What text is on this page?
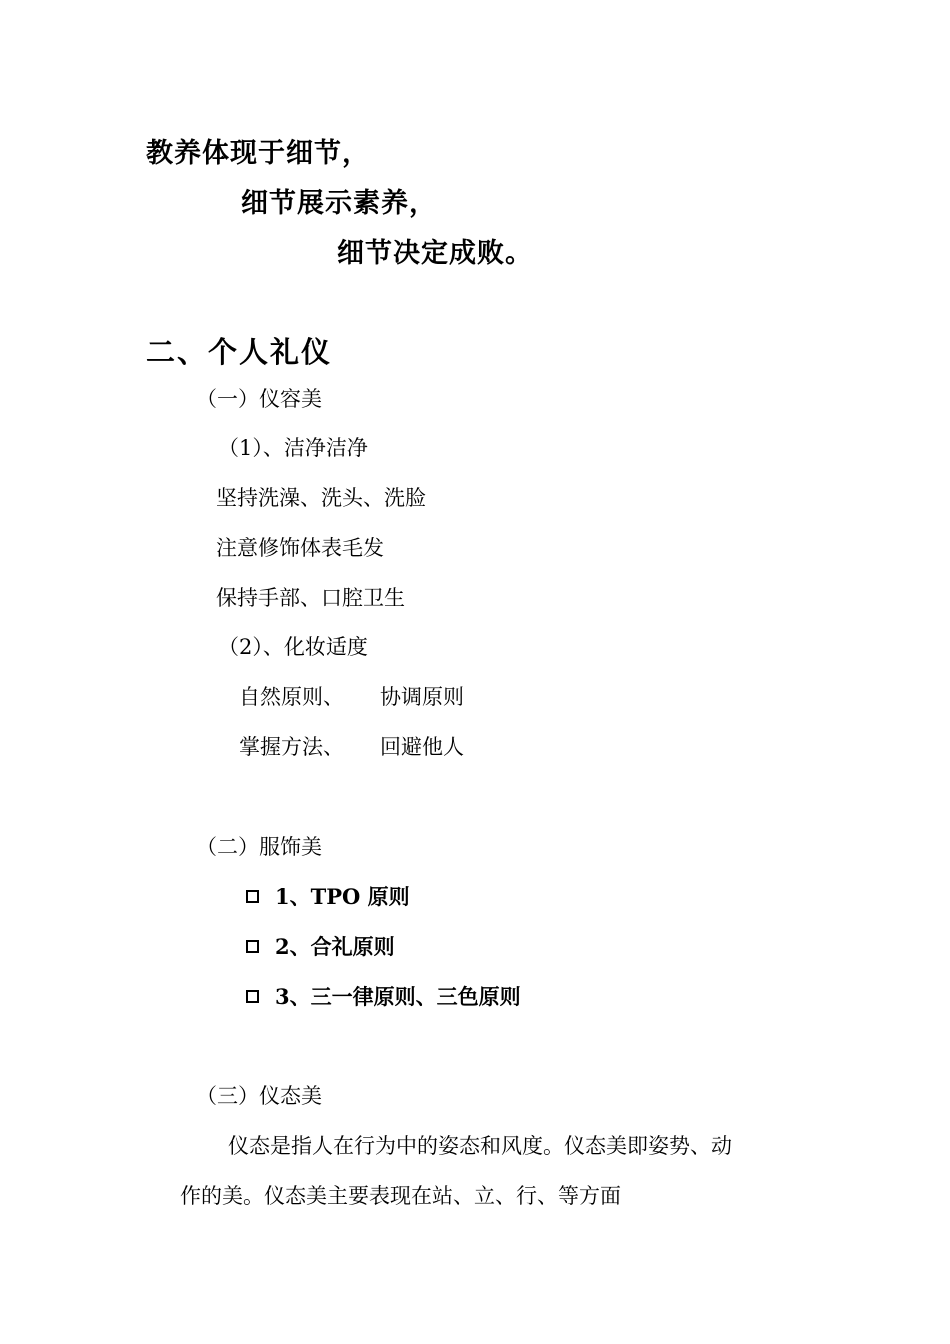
教养体现于细节，
细节展示素养，
细节决定成败。
二、个人礼仪
（一）仪容美
（1）、洁净洁净
坚持洗澡、洗头、洗脸
注意修饰体表毛发
保持手部、口腔卫生
（2）、化妆适度
自然原则、 协调原则
掌握方法、 回避他人
（二）服饰美
1、TPO 原则
2、合礼原则
3、三一律原则、三色原则
（三）仪态美
仪态是指人在行为中的姿态和风度。仪态美即姿势、动
作的美。仪态美主要表现在站、立、行、等方面
